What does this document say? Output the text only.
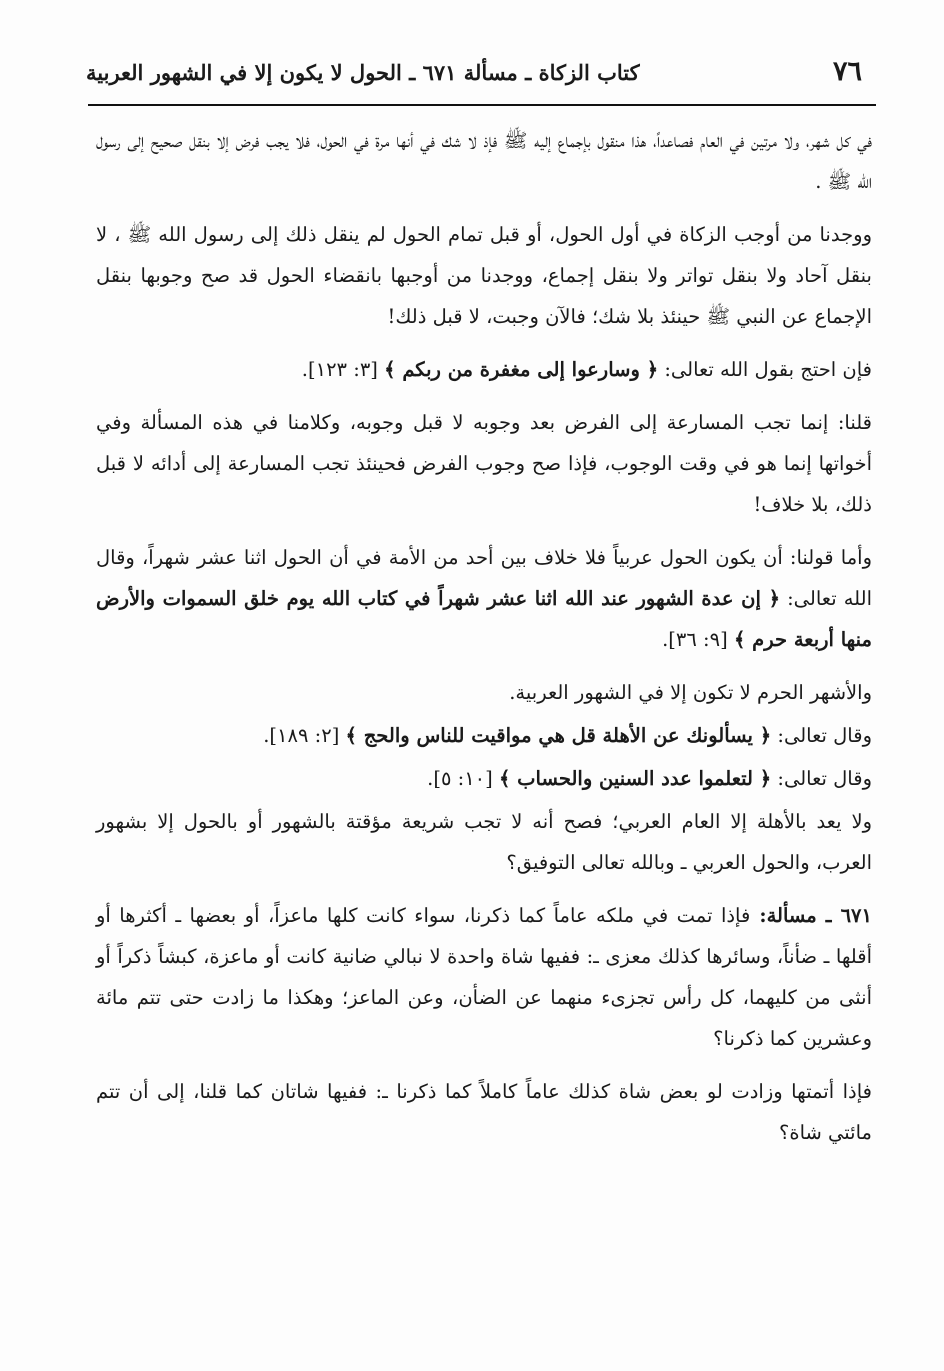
٧٦
كتاب الزكاة ـ مسألة ٦٧١ ـ الحول لا يكون إلا في الشهور العربية

في كل شهر، ولا مرتين في العام فصاعداً، هذا منقول بإجماع إليه ﷺ فإذ لا شك في أنها مرة في الحول، فلا يجب فرض إلا بنقل صحيح إلى رسول الله ﷺ .

ووجدنا من أوجب الزكاة في أول الحول، أو قبل تمام الحول لم ينقل ذلك إلى رسول الله ﷺ ، لا بنقل آحاد ولا بنقل تواتر ولا بنقل إجماع، ووجدنا من أوجبها بانقضاء الحول قد صح وجوبها بنقل الإجماع عن النبي ﷺ حينئذ بلا شك؛ فالآن وجبت، لا قبل ذلك!

فإن احتج بقول الله تعالى: ﴿ وسارعوا إلى مغفرة من ربكم ﴾ [٣: ١٢٣].

قلنا: إنما تجب المسارعة إلى الفرض بعد وجوبه لا قبل وجوبه، وكلامنا في هذه المسألة وفي أخواتها إنما هو في وقت الوجوب، فإذا صح وجوب الفرض فحينئذ تجب المسارعة إلى أدائه لا قبل ذلك، بلا خلاف!

وأما قولنا: أن يكون الحول عربياً فلا خلاف بين أحد من الأمة في أن الحول اثنا عشر شهراً، وقال الله تعالى: ﴿ إن عدة الشهور عند الله اثنا عشر شهراً في كتاب الله يوم خلق السموات والأرض منها أربعة حرم ﴾ [٩: ٣٦].

والأشهر الحرم لا تكون إلا في الشهور العربية.

وقال تعالى: ﴿ يسألونك عن الأهلة قل هي مواقيت للناس والحج ﴾ [٢: ١٨٩].

وقال تعالى: ﴿ لتعلموا عدد السنين والحساب ﴾ [١٠: ٥].

ولا يعد بالأهلة إلا العام العربي؛ فصح أنه لا تجب شريعة مؤقتة بالشهور أو بالحول إلا بشهور العرب، والحول العربي ـ وبالله تعالى التوفيق؟

٦٧١ ـ مسألة: فإذا تمت في ملكه عاماً كما ذكرنا، سواء كانت كلها ماعزاً، أو بعضها ـ أكثرها أو أقلها ـ ضأناً، وسائرها كذلك معزى ـ: ففيها شاة واحدة لا نبالي ضانية كانت أو ماعزة، كبشاً ذكراً أو أنثى من كليهما، كل رأس تجزىء منهما عن الضأن، وعن الماعز؛ وهكذا ما زادت حتى تتم مائة وعشرين كما ذكرنا؟

فإذا أتمتها وزادت لو بعض شاة كذلك عاماً كاملاً كما ذكرنا ـ: ففيها شاتان كما قلنا، إلى أن تتم مائتي شاة؟
